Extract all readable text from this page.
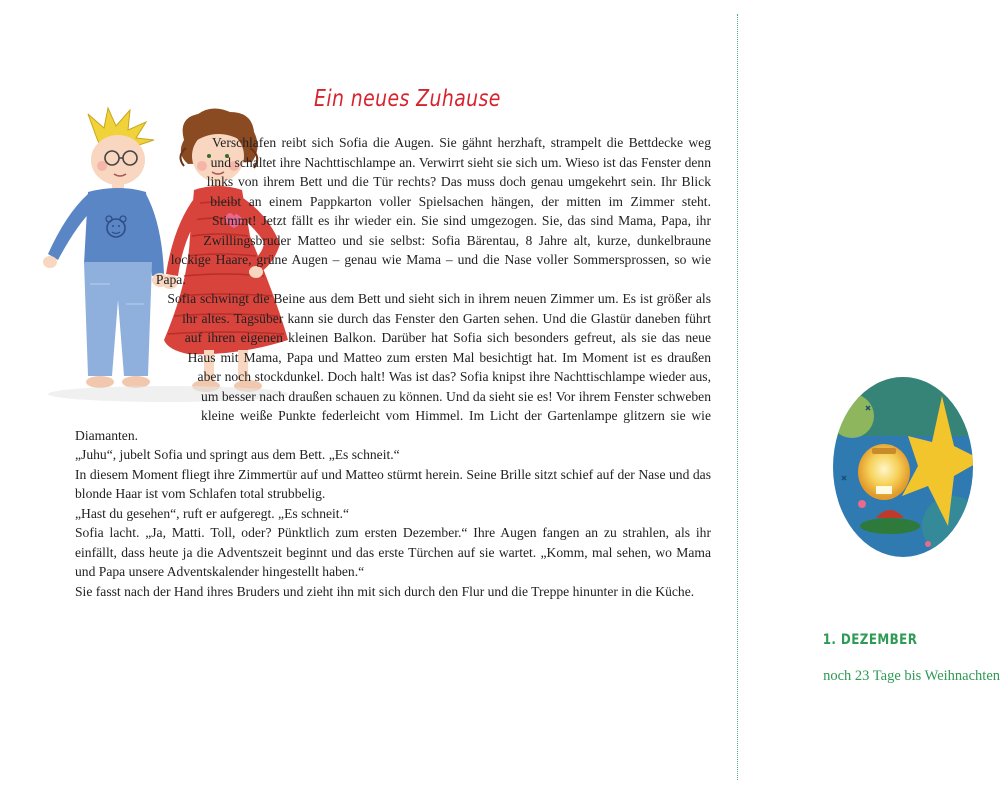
Ein neues Zuhause

Verschlafen reibt sich Sofia die Augen. Sie gähnt herzhaft, strampelt die Bettdecke weg und schaltet ihre Nachttischlampe an. Verwirrt sieht sie sich um. Wieso ist das Fenster denn links von ihrem Bett und die Tür rechts? Das muss doch genau umgekehrt sein. Ihr Blick bleibt an einem Pappkarton voller Spielsachen hängen, der mitten im Zimmer steht. Stimmt! Jetzt fällt es ihr wieder ein. Sie sind umgezogen. Sie, das sind Mama, Papa, ihr Zwillingsbruder Matteo und sie selbst: Sofia Bärentau, 8 Jahre alt, kurze, dunkelbraune lockige Haare, grüne Augen – genau wie Mama – und die Nase voller Sommersprossen, so wie Papa.

Sofia schwingt die Beine aus dem Bett und sieht sich in ihrem neuen Zimmer um. Es ist größer als ihr altes. Tagsüber kann sie durch das Fenster den Garten sehen. Und die Glastür daneben führt auf ihren eigenen kleinen Balkon. Darüber hat Sofia sich besonders gefreut, als sie das neue Haus mit Mama, Papa und Matteo zum ersten Mal besichtigt hat. Im Moment ist es draußen aber noch stockdunkel. Doch halt! Was ist das? Sofia knipst ihre Nachttischlampe wieder aus, um besser nach draußen schauen zu können. Und da sieht sie es! Vor ihrem Fenster schweben kleine weiße Punkte federleicht vom Himmel. Im Licht der Gartenlampe glitzern sie wie Diamanten.

„Juhu“, jubelt Sofia und springt aus dem Bett. „Es schneit.“

In diesem Moment fliegt ihre Zimmertür auf und Matteo stürmt herein. Seine Brille sitzt schief auf der Nase und das blonde Haar ist vom Schlafen total strubbelig.

„Hast du gesehen“, ruft er aufgeregt. „Es schneit.“

Sofia lacht. „Ja, Matti. Toll, oder? Pünktlich zum ersten Dezember.“ Ihre Augen fangen an zu strahlen, als ihr einfällt, dass heute ja die Adventszeit beginnt und das erste Türchen auf sie wartet. „Komm, mal sehen, wo Mama und Papa unsere Adventskalender hingestellt haben.“

Sie fasst nach der Hand ihres Bruders und zieht ihn mit sich durch den Flur und die Treppe hinunter in die Küche.

1. DEZEMBER
noch 23 Tage bis Weihnachten
